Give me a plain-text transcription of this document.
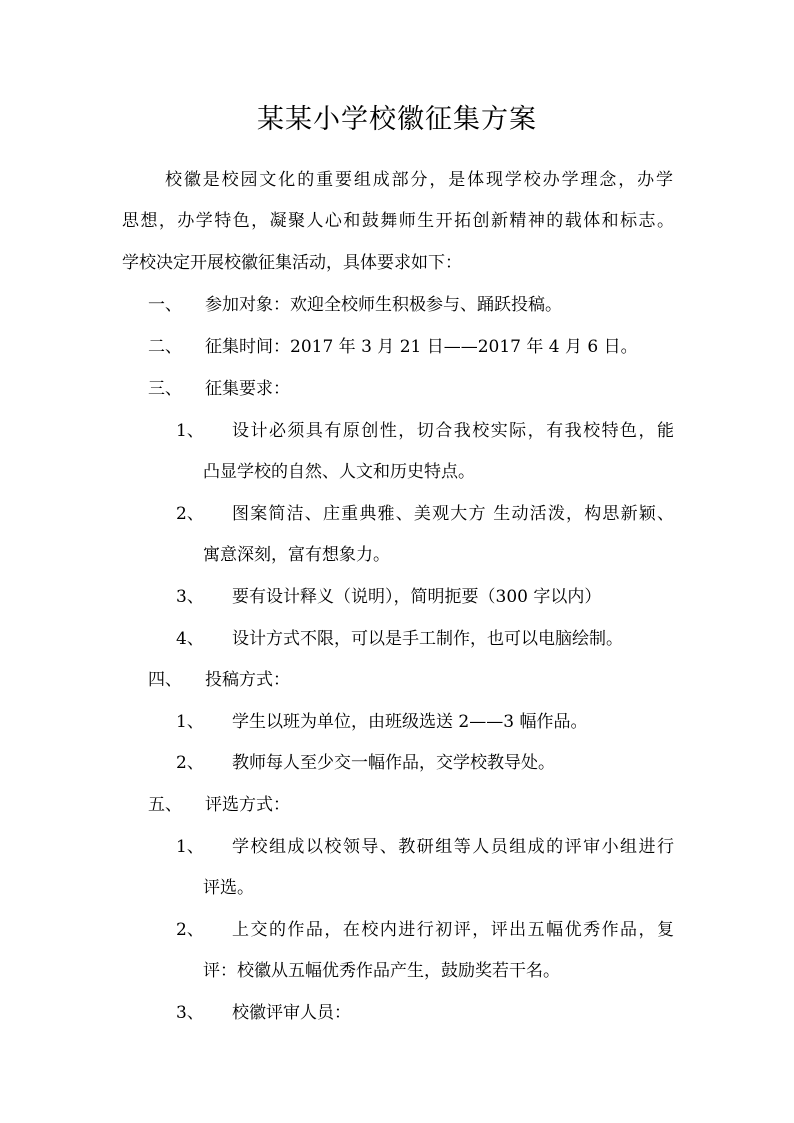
某某小学校徽征集方案
校徽是校园文化的重要组成部分，是体现学校办学理念，办学
思想，办学特色，凝聚人心和鼓舞师生开拓创新精神的载体和标志。
学校决定开展校徽征集活动，具体要求如下：
一、 参加对象：欢迎全校师生积极参与、踊跃投稿。
二、 征集时间：2017 年 3 月 21 日——2017 年 4 月 6 日。
三、 征集要求：
1、 设计必须具有原创性，切合我校实际，有我校特色，能
凸显学校的自然、人文和历史特点。
2、 图案简洁、庄重典雅、美观大方 生动活泼，构思新颖、
寓意深刻，富有想象力。
3、 要有设计释义（说明），简明扼要（300 字以内）
4、 设计方式不限，可以是手工制作，也可以电脑绘制。
四、 投稿方式：
1、 学生以班为单位，由班级选送 2——3 幅作品。
2、 教师每人至少交一幅作品，交学校教导处。
五、 评选方式：
1、 学校组成以校领导、教研组等人员组成的评审小组进行
评选。
2、 上交的作品，在校内进行初评，评出五幅优秀作品，复
评：校徽从五幅优秀作品产生，鼓励奖若干名。
3、 校徽评审人员：
